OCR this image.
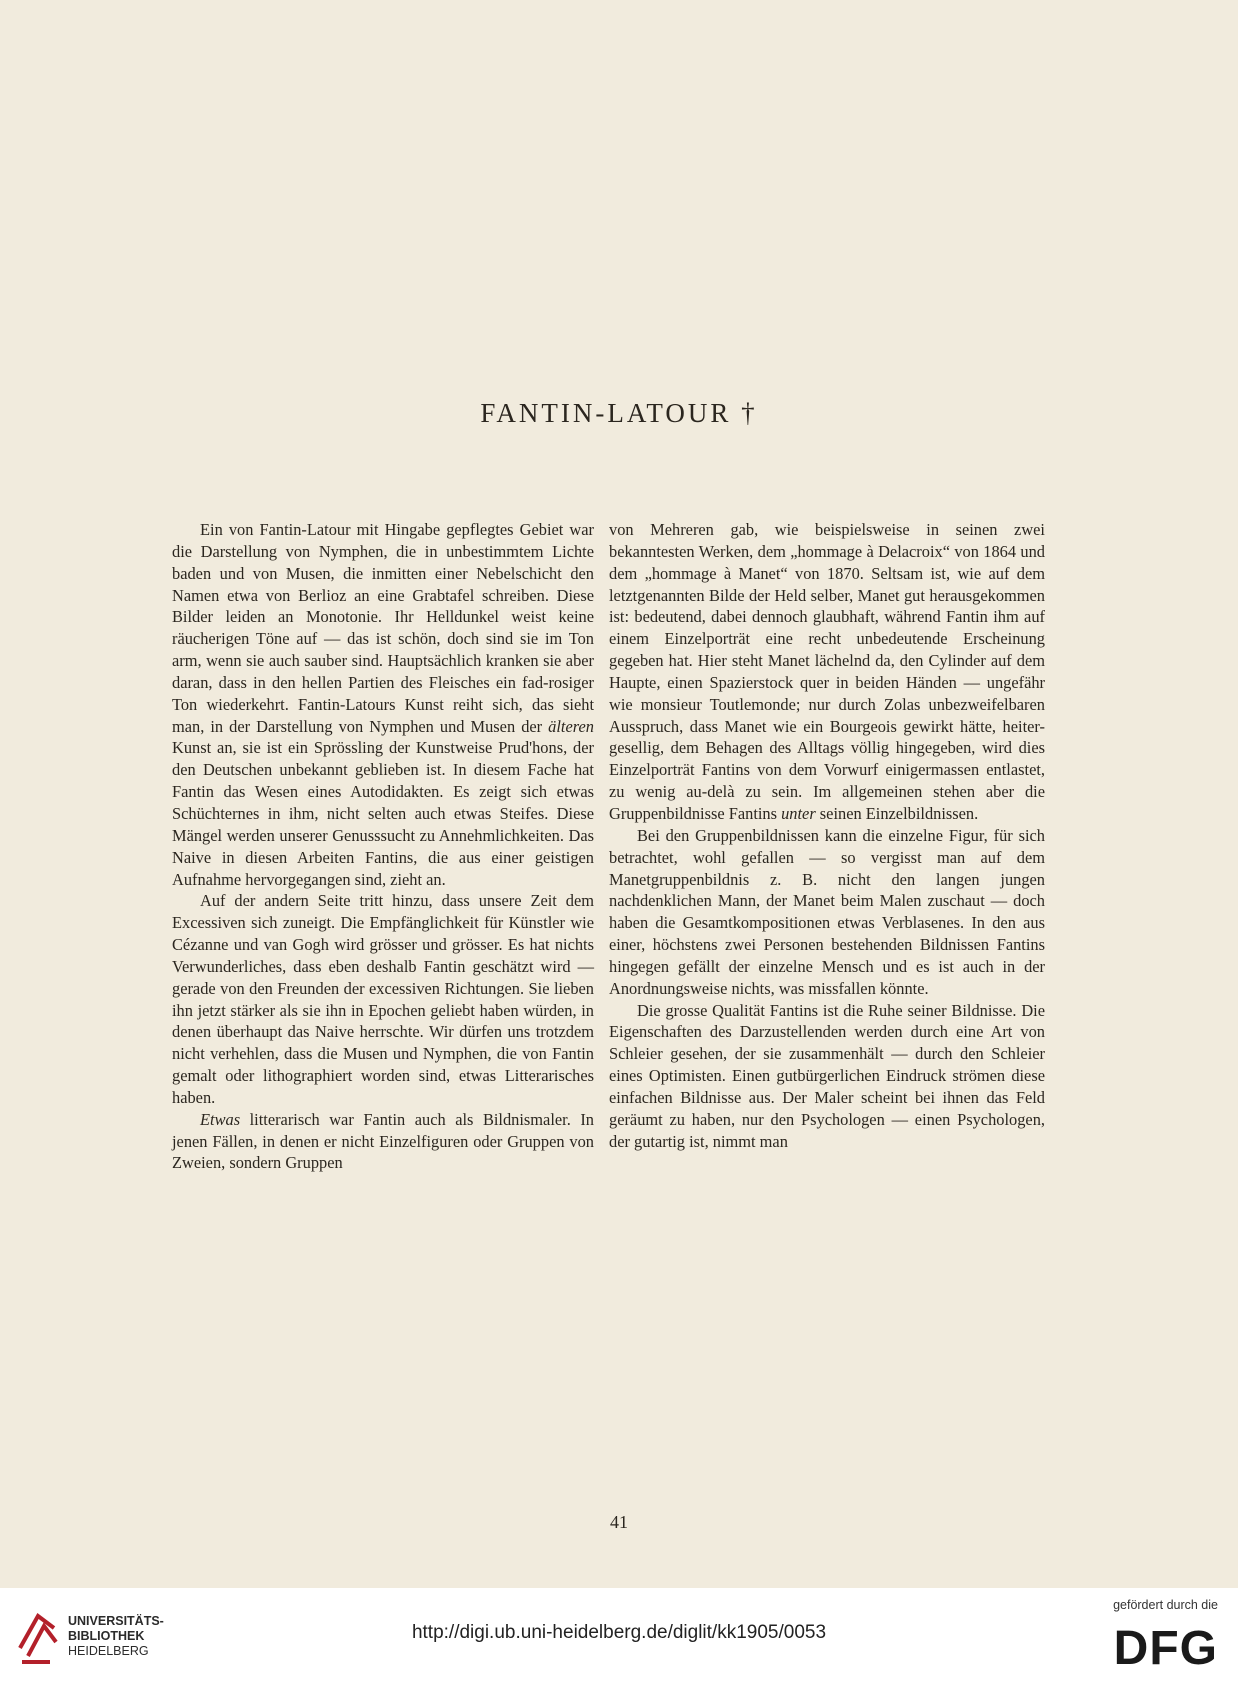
FANTIN-LATOUR †

Ein von Fantin-Latour mit Hingabe gepflegtes Gebiet war die Darstellung von Nymphen, die in unbestimmtem Lichte baden und von Musen, die inmitten einer Nebelschicht den Namen etwa von Berlioz an eine Grabtafel schreiben. Diese Bilder leiden an Monotonie. Ihr Helldunkel weist keine räucherigen Töne auf — das ist schön, doch sind sie im Ton arm, wenn sie auch sauber sind. Hauptsächlich kranken sie aber daran, dass in den hellen Partien des Fleisches ein fad-rosiger Ton wiederkehrt. Fantin-Latours Kunst reiht sich, das sieht man, in der Darstellung von Nymphen und Musen der älteren Kunst an, sie ist ein Sprössling der Kunstweise Prud'hons, der den Deutschen unbekannt geblieben ist. In diesem Fache hat Fantin das Wesen eines Autodidakten. Es zeigt sich etwas Schüchternes in ihm, nicht selten auch etwas Steifes. Diese Mängel werden unserer Genusssucht zu Annehmlichkeiten. Das Naive in diesen Arbeiten Fantins, die aus einer geistigen Aufnahme hervorgegangen sind, zieht an.

Auf der andern Seite tritt hinzu, dass unsere Zeit dem Excessiven sich zuneigt. Die Empfänglichkeit für Künstler wie Cézanne und van Gogh wird grösser und grösser. Es hat nichts Verwunderliches, dass eben deshalb Fantin geschätzt wird — gerade von den Freunden der excessiven Richtungen. Sie lieben ihn jetzt stärker als sie ihn in Epochen geliebt haben würden, in denen überhaupt das Naive herrschte. Wir dürfen uns trotzdem nicht verhehlen, dass die Musen und Nymphen, die von Fantin gemalt oder lithographiert worden sind, etwas Litterarisches haben.

Etwas litterarisch war Fantin auch als Bildnismaler. In jenen Fällen, in denen er nicht Einzelfiguren oder Gruppen von Zweien, sondern Gruppen

von Mehreren gab, wie beispielsweise in seinen zwei bekanntesten Werken, dem „hommage à Delacroix“ von 1864 und dem „hommage à Manet“ von 1870. Seltsam ist, wie auf dem letztgenannten Bilde der Held selber, Manet gut herausgekommen ist: bedeutend, dabei dennoch glaubhaft, während Fantin ihm auf einem Einzelporträt eine recht unbedeutende Erscheinung gegeben hat. Hier steht Manet lächelnd da, den Cylinder auf dem Haupte, einen Spazierstock quer in beiden Händen — ungefähr wie monsieur Toutlemonde; nur durch Zolas unbezweifelbaren Ausspruch, dass Manet wie ein Bourgeois gewirkt hätte, heiter-gesellig, dem Behagen des Alltags völlig hingegeben, wird dies Einzelporträt Fantins von dem Vorwurf einigermassen entlastet, zu wenig au-delà zu sein. Im allgemeinen stehen aber die Gruppenbildnisse Fantins unter seinen Einzelbildnissen.

Bei den Gruppenbildnissen kann die einzelne Figur, für sich betrachtet, wohl gefallen — so vergisst man auf dem Manetgruppenbildnis z. B. nicht den langen jungen nachdenklichen Mann, der Manet beim Malen zuschaut — doch haben die Gesamtkompositionen etwas Verblasenes. In den aus einer, höchstens zwei Personen bestehenden Bildnissen Fantins hingegen gefällt der einzelne Mensch und es ist auch in der Anordnungsweise nichts, was missfallen könnte.

Die grosse Qualität Fantins ist die Ruhe seiner Bildnisse. Die Eigenschaften des Darzustellenden werden durch eine Art von Schleier gesehen, der sie zusammenhält — durch den Schleier eines Optimisten. Einen gutbürgerlichen Eindruck strömen diese einfachen Bildnisse aus. Der Maler scheint bei ihnen das Feld geräumt zu haben, nur den Psychologen — einen Psychologen, der gutartig ist, nimmt man

41
UNIVERSITÄTS-
BIBLIOTHEK
HEIDELBERG
http://digi.ub.uni-heidelberg.de/diglit/kk1905/0053
gefördert durch die
DFG
